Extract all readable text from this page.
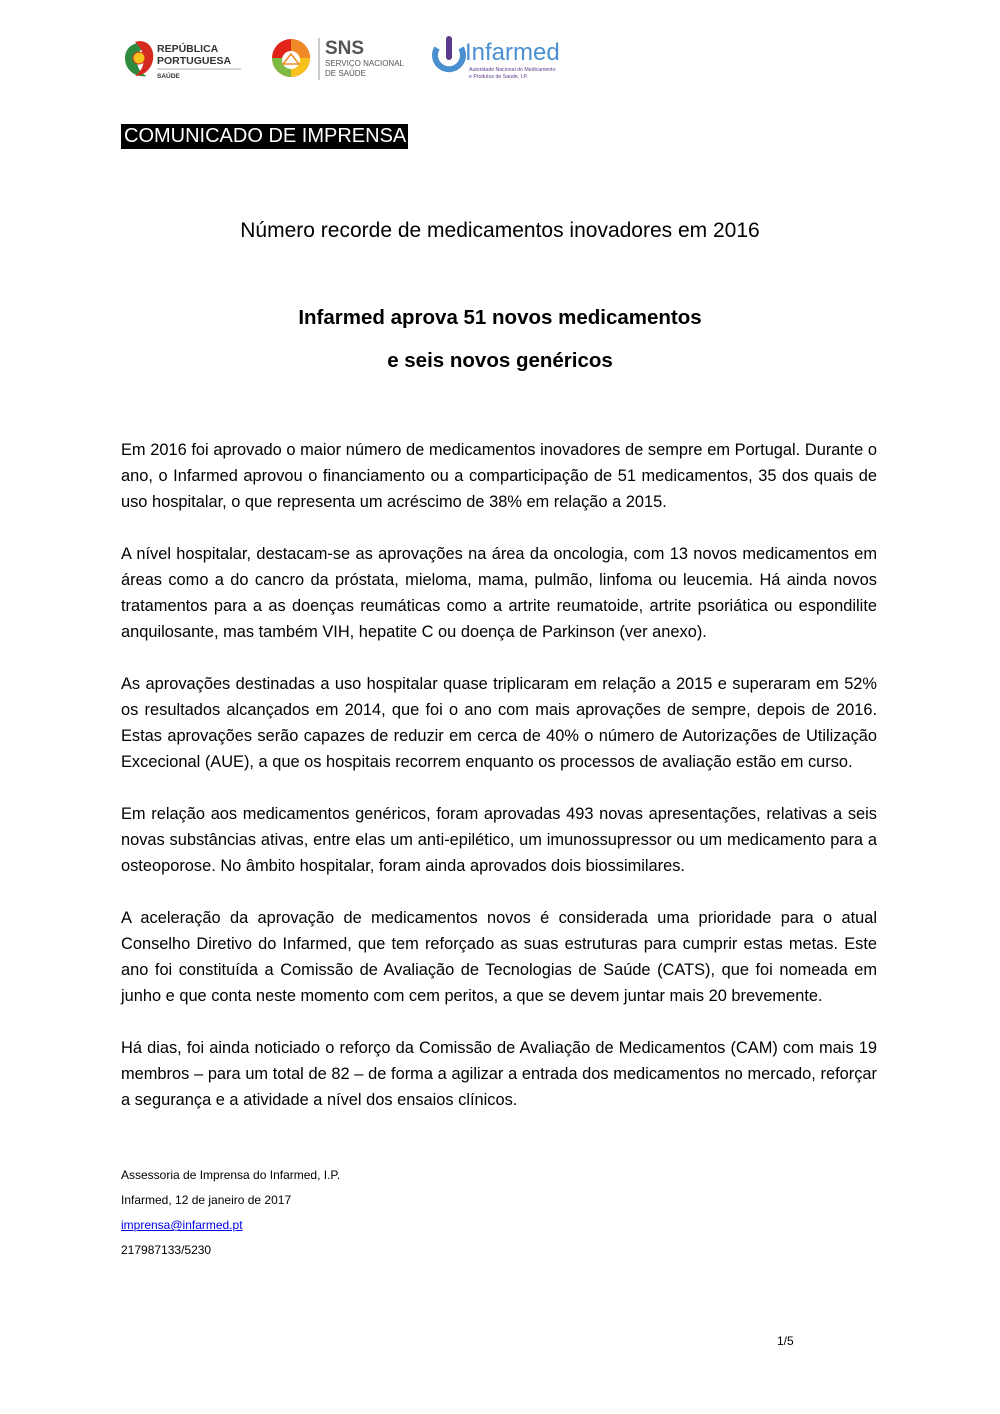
REPÚBLICA
PORTUGUESA
SAÚDE
SNS
SERVIÇO NACIONAL
DE SAÚDE
Infarmed
Autoridade Nacional do Medicamento
e Produtos de Saúde, I.P.
COMUNICADO DE IMPRENSA
Número recorde de medicamentos inovadores em 2016
Infarmed aprova 51 novos medicamentos
e seis novos genéricos

Em 2016 foi aprovado o maior número de medicamentos inovadores de sempre em Portugal. Durante o ano, o Infarmed aprovou o financiamento ou a comparticipação de 51 medicamentos, 35 dos quais de uso hospitalar, o que representa um acréscimo de 38% em relação a 2015.

A nível hospitalar, destacam-se as aprovações na área da oncologia, com 13 novos medicamentos em áreas como a do cancro da próstata, mieloma, mama, pulmão, linfoma ou leucemia. Há ainda novos tratamentos para a as doenças reumáticas como a artrite reumatoide, artrite psoriática ou espondilite anquilosante, mas também VIH, hepatite C ou doença de Parkinson (ver anexo).

As aprovações destinadas a uso hospitalar quase triplicaram em relação a 2015 e superaram em 52% os resultados alcançados em 2014, que foi o ano com mais aprovações de sempre, depois de 2016. Estas aprovações serão capazes de reduzir em cerca de 40% o número de Autorizações de Utilização Excecional (AUE), a que os hospitais recorrem enquanto os processos de avaliação estão em curso.

Em relação aos medicamentos genéricos, foram aprovadas 493 novas apresentações, relativas a seis novas substâncias ativas, entre elas um anti-epilético, um imunossupressor ou um medicamento para a osteoporose. No âmbito hospitalar, foram ainda aprovados dois biossimilares.

A aceleração da aprovação de medicamentos novos é considerada uma prioridade para o atual Conselho Diretivo do Infarmed, que tem reforçado as suas estruturas para cumprir estas metas. Este ano foi constituída a Comissão de Avaliação de Tecnologias de Saúde (CATS), que foi nomeada em junho e que conta neste momento com cem peritos, a que se devem juntar mais 20 brevemente.

Há dias, foi ainda noticiado o reforço da Comissão de Avaliação de Medicamentos (CAM) com mais 19 membros – para um total de 82 – de forma a agilizar a entrada dos medicamentos no mercado, reforçar a segurança e a atividade a nível dos ensaios clínicos.

Assessoria de Imprensa do Infarmed, I.P.
Infarmed, 12 de janeiro de 2017
imprensa@infarmed.pt
217987133/5230
1/5
